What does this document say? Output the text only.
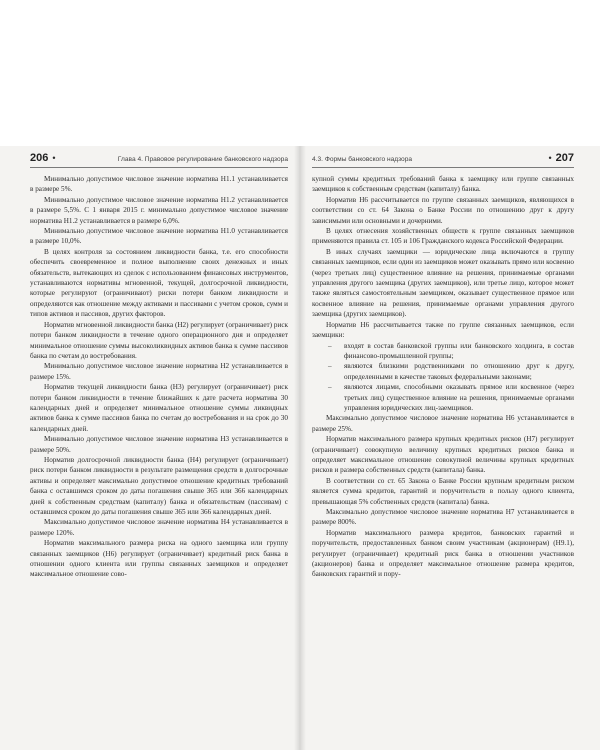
206 •	Глава 4. Правовое регулирование банковского надзора

Минимально допустимое числовое значение норматива Н1.1 устанавливается в размере 5%.

Минимально допустимое числовое значение норматива Н1.2 устанавливается в размере 5,5%. С 1 января 2015 г. минимально допустимое числовое значение норматива Н1.2 устанавливается в размере 6,0%.

Минимально допустимое числовое значение норматива Н1.0 устанавливается в размере 10,0%.

В целях контроля за состоянием ликвидности банка, т.е. его способности обеспечить своевременное и полное выполнение своих денежных и иных обязательств, вытекающих из сделок с использованием финансовых инструментов, устанавливаются нормативы мгновенной, текущей, долгосрочной ликвидности, которые регулируют (ограничивают) риски потери банком ликвидности и определяются как отношение между активами и пассивами с учетом сроков, сумм и типов активов и пассивов, других факторов.

Норматив мгновенной ликвидности банка (Н2) регулирует (ограничивает) риск потери банком ликвидности в течение одного операционного дня и определяет минимальное отношение суммы высоколиквидных активов банка к сумме пассивов банка по счетам до востребования.

Минимально допустимое числовое значение норматива Н2 устанавливается в размере 15%.

Норматив текущей ликвидности банка (Н3) регулирует (ограничивает) риск потери банком ликвидности в течение ближайших к дате расчета норматива 30 календарных дней и определяет минимальное отношение суммы ликвидных активов банка к сумме пассивов банка по счетам до востребования и на срок до 30 календарных дней.

Минимально допустимое числовое значение норматива Н3 устанавливается в размере 50%.

Норматив долгосрочной ликвидности банка (Н4) регулирует (ограничивает) риск потери банком ликвидности в результате размещения средств в долгосрочные активы и определяет максимально допустимое отношение кредитных требований банка с оставшимся сроком до даты погашения свыше 365 или 366 календарных дней к собственным средствам (капиталу) банка и обязательствам (пассивам) с оставшимся сроком до даты погашения свыше 365 или 366 календарных дней.

Максимально допустимое числовое значение норматива Н4 устанавливается в размере 120%.

Норматив максимального размера риска на одного заемщика или группу связанных заемщиков (Н6) регулирует (ограничивает) кредитный риск банка в отношении одного клиента или группы связанных заемщиков и определяет максимальное отношение сово-

4.3. Формы банковского надзора	• 207

купной суммы кредитных требований банка к заемщику или группе связанных заемщиков к собственным средствам (капиталу) банка.

Норматив Н6 рассчитывается по группе связанных заемщиков, являющихся в соответствии со ст. 64 Закона о Банке России по отношению друг к другу зависимыми или основными и дочерними.

В целях отнесения хозяйственных обществ к группе связанных заемщиков применяются правила ст. 105 и 106 Гражданского кодекса Российской Федерации.

В иных случаях заемщики — юридические лица включаются в группу связанных заемщиков, если один из заемщиков может оказывать прямо или косвенно (через третьих лиц) существенное влияние на решения, принимаемые органами управления другого заемщика (других заемщиков), или третье лицо, которое может также являться самостоятельным заемщиком, оказывает существенное прямое или косвенное влияние на решения, принимаемые органами управления другого заемщика (других заемщиков).

Норматив Н6 рассчитывается также по группе связанных заемщиков, если заемщики:

– входят в состав банковской группы или банковского холдинга, в состав финансово-промышленной группы;
– являются близкими родственниками по отношению друг к другу, определенными в качестве таковых федеральными законами;
– являются лицами, способными оказывать прямое или косвенное (через третьих лиц) существенное влияние на решения, принимаемые органами управления юридических лиц-заемщиков.

Максимально допустимое числовое значение норматива Н6 устанавливается в размере 25%.

Норматив максимального размера крупных кредитных рисков (Н7) регулирует (ограничивает) совокупную величину крупных кредитных рисков банка и определяет максимальное отношение совокупной величины крупных кредитных рисков и размера собственных средств (капитала) банка.

В соответствии со ст. 65 Закона о Банке России крупным кредитным риском является сумма кредитов, гарантий и поручительств в пользу одного клиента, превышающая 5% собственных средств (капитала) банка.

Максимально допустимое числовое значение норматива Н7 устанавливается в размере 800%.

Норматив максимального размера кредитов, банковских гарантий и поручительств, предоставленных банком своим участникам (акционерам) (Н9.1), регулирует (ограничивает) кредитный риск банка в отношении участников (акционеров) банка и определяет максимальное отношение размера кредитов, банковских гарантий и пору-
